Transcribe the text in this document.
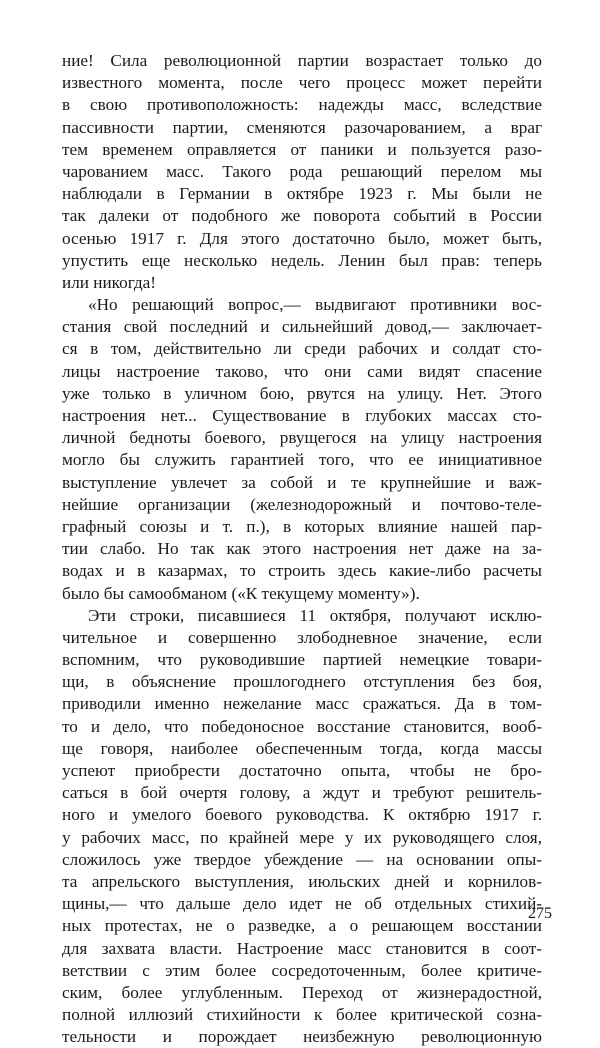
ние! Сила революционной партии возрастает только до
известного момента, после чего процесс может перейти
в свою противоположность: надежды масс, вследствие
пассивности партии, сменяются разочарованием, а враг
тем временем оправляется от паники и пользуется разо-
чарованием масс. Такого рода решающий перелом мы
наблюдали в Германии в октябре 1923 г. Мы были не
так далеки от подобного же поворота событий в России
осенью 1917 г. Для этого достаточно было, может быть,
упустить еще несколько недель. Ленин был прав: теперь
или никогда!
«Но решающий вопрос,— выдвигают противники вос-
стания свой последний и сильнейший довод,— заключает-
ся в том, действительно ли среди рабочих и солдат сто-
лицы настроение таково, что они сами видят спасение
уже только в уличном бою, рвутся на улицу. Нет. Этого
настроения нет... Существование в глубоких массах сто-
личной бедноты боевого, рвущегося на улицу настроения
могло бы служить гарантией того, что ее инициативное
выступление увлечет за собой и те крупнейшие и важ-
нейшие организации (железнодорожный и почтово-теле-
графный союзы и т. п.), в которых влияние нашей пар-
тии слабо. Но так как этого настроения нет даже на за-
водах и в казармах, то строить здесь какие-либо расчеты
было бы самообманом («К текущему моменту»).
Эти строки, писавшиеся 11 октября, получают исклю-
чительное и совершенно злободневное значение, если
вспомним, что руководившие партией немецкие товари-
щи, в объяснение прошлогоднего отступления без боя,
приводили именно нежелание масс сражаться. Да в том-
то и дело, что победоносное восстание становится, вооб-
ще говоря, наиболее обеспеченным тогда, когда массы
успеют приобрести достаточно опыта, чтобы не бро-
саться в бой очертя голову, а ждут и требуют решитель-
ного и умелого боевого руководства. К октябрю 1917 г.
у рабочих масс, по крайней мере у их руководящего слоя,
сложилось уже твердое убеждение — на основании опы-
та апрельского выступления, июльских дней и корнилов-
щины,— что дальше дело идет не об отдельных стихий-
ных протестах, не о разведке, а о решающем восстании
для захвата власти. Настроение масс становится в соот-
ветствии с этим более сосредоточенным, более критиче-
ским, более углубленным. Переход от жизнерадостной,
полной иллюзий стихийности к более критической созна-
тельности и порождает неизбежную революционную
275
